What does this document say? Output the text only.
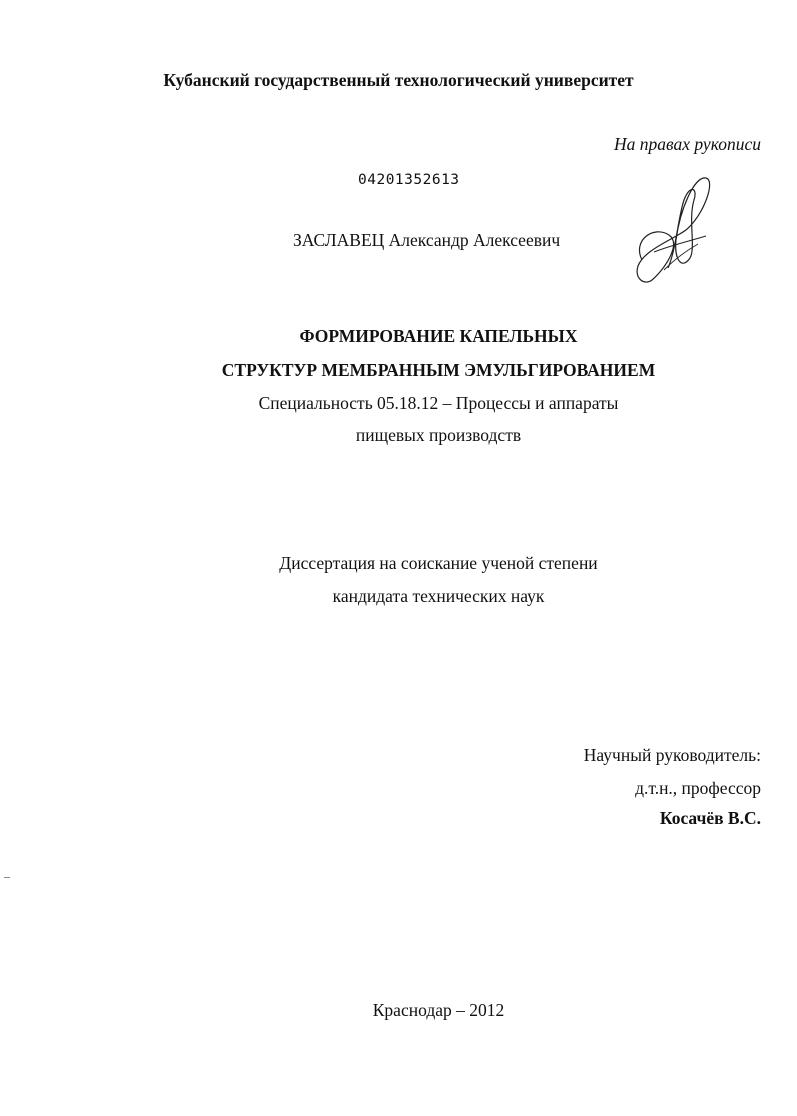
Кубанский государственный технологический университет
На правах рукописи
04201352613
ЗАСЛАВЕЦ Александр Алексеевич
ФОРМИРОВАНИЕ КАПЕЛЬНЫХ
СТРУКТУР МЕМБРАННЫМ ЭМУЛЬГИРОВАНИЕМ
Специальность 05.18.12 – Процессы и аппараты
пищевых производств
Диссертация на соискание ученой степени
кандидата технических наук
Научный руководитель:
д.т.н., профессор
Косачёв В.С.
Краснодар – 2012
